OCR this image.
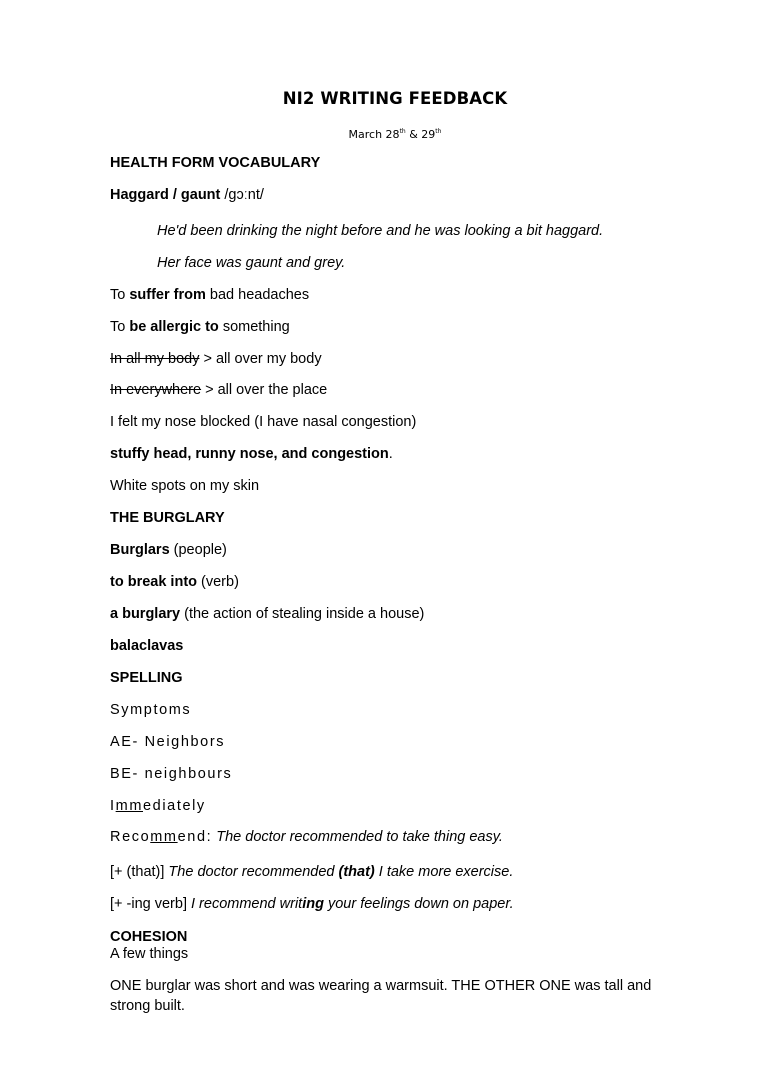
NI2 WRITING FEEDBACK
March 28th & 29th
HEALTH FORM VOCABULARY
Haggard / gaunt /gɔːnt/
He'd been drinking the night before and he was looking a bit haggard.
Her face was gaunt and grey.
To suffer from bad headaches
To be allergic to something
In all my body > all over my body
In everywhere > all over the place
I felt my nose blocked (I have nasal congestion)
stuffy head, runny nose, and congestion.
White spots on my skin
THE BURGLARY
Burglars (people)
to break into (verb)
a burglary (the action of stealing inside a house)
balaclavas
SPELLING
Symptoms
AE- Neighbors
BE- neighbours
Immediately
Recommend: The doctor recommended to take thing easy.
[+ (that)] The doctor recommended (that) I take more exercise.
[+ -ing verb] I recommend writing your feelings down on paper.
COHESION
A few things
ONE burglar was short and was wearing a warmsuit. THE OTHER ONE was tall and strong built.
